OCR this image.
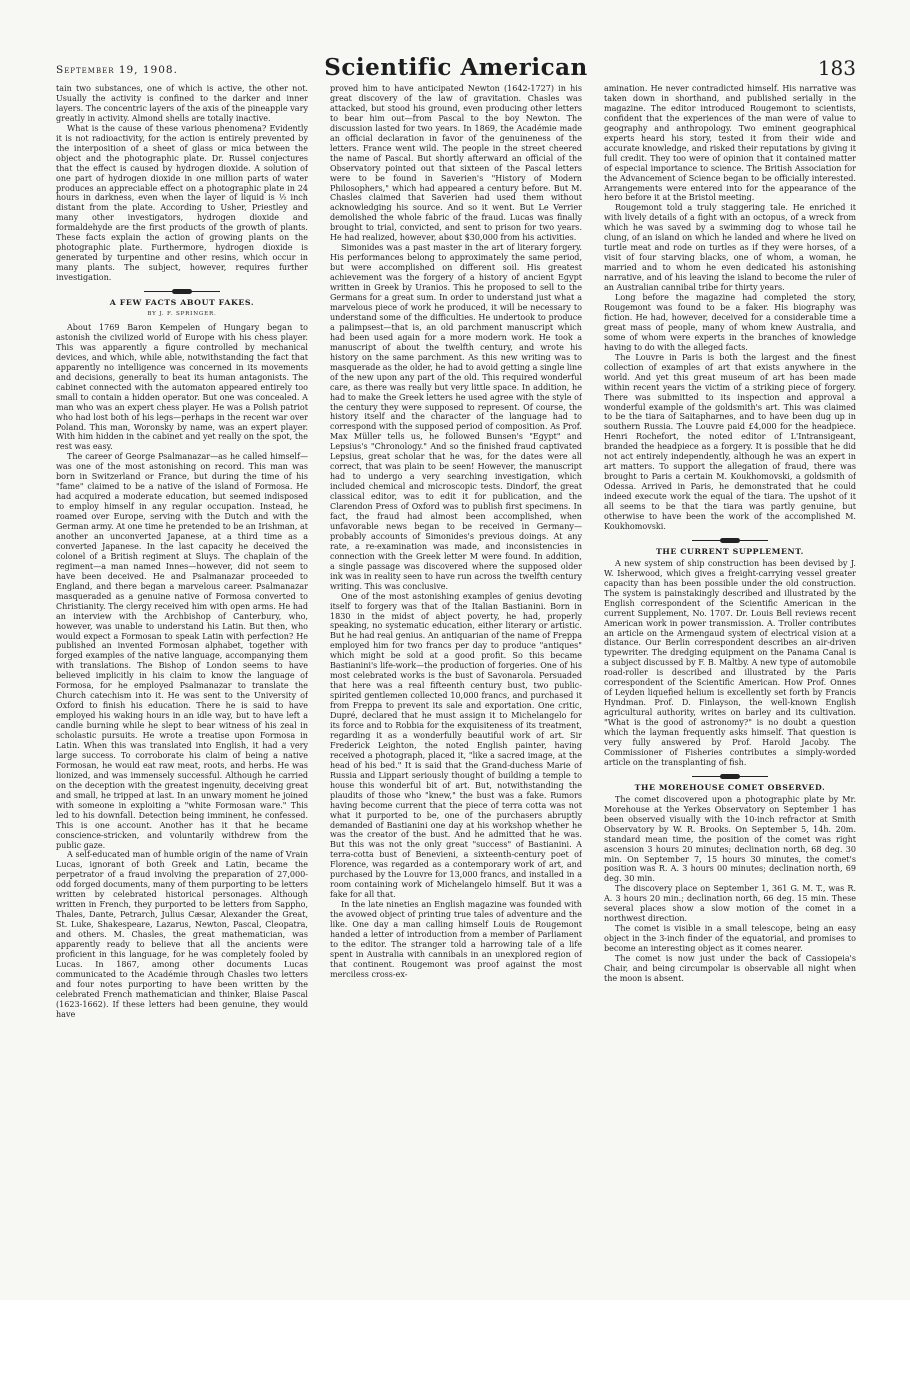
September 19, 1908.	Scientific American	183

tain two substances, one of which is active, the other not. Usually the activity is confined to the darker and inner layers. The concentric layers of the axis of the pineapple vary greatly in activity. Almond shells are totally inactive.

What is the cause of these various phenomena? Evidently it is not radioactivity, for the action is entirely prevented by the interposition of a sheet of glass or mica between the object and the photographic plate. Dr. Russel conjectures that the effect is caused by hydrogen dioxide. A solution of one part of hydrogen dioxide in one million parts of water produces an appreciable effect on a photographic plate in 24 hours in darkness, even when the layer of liquid is ½ inch distant from the plate. According to Usher, Priestley and many other investigators, hydrogen dioxide and formaldehyde are the first products of the growth of plants. These facts explain the action of growing plants on the photographic plate. Furthermore, hydrogen dioxide is generated by turpentine and other resins, which occur in many plants. The subject, however, requires further investigation.

A FEW FACTS ABOUT FAKES.
BY J. F. SPRINGER.

About 1769 Baron Kempelen of Hungary began to astonish the civilized world of Europe with his chess player. This was apparently a figure controlled by mechanical devices, and which, while able, notwithstanding the fact that apparently no intelligence was concerned in its movements and decisions, generally to beat its human antagonists. The cabinet connected with the automaton appeared entirely too small to contain a hidden operator. But one was concealed. A man who was an expert chess player. He was a Polish patriot who had lost both of his legs—perhaps in the recent war over Poland. This man, Woronsky by name, was an expert player. With him hidden in the cabinet and yet really on the spot, the rest was easy.

The career of George Psalmanazar—as he called himself—was one of the most astonishing on record. This man was born in Switzerland or France, but during the time of his "fame" claimed to be a native of the island of Formosa. He had acquired a moderate education, but seemed indisposed to employ himself in any regular occupation. Instead, he roamed over Europe, serving with the Dutch and with the German army. At one time he pretended to be an Irishman, at another an unconverted Japanese, at a third time as a converted Japanese. In the last capacity he deceived the colonel of a British regiment at Sluys. The chaplain of the regiment—a man named Innes—however, did not seem to have been deceived. He and Psalmanazar proceeded to England, and there began a marvelous career. Psalmanazar masqueraded as a genuine native of Formosa converted to Christianity. The clergy received him with open arms. He had an interview with the Archbishop of Canterbury, who, however, was unable to understand his Latin. But then, who would expect a Formosan to speak Latin with perfection? He published an invented Formosan alphabet, together with forged examples of the native language, accompanying them with translations. The Bishop of London seems to have believed implicitly in his claim to know the language of Formosa, for he employed Psalmanazar to translate the Church catechism into it. He was sent to the University of Oxford to finish his education. There he is said to have employed his waking hours in an idle way, but to have left a candle burning while he slept to bear witness of his zeal in scholastic pursuits. He wrote a treatise upon Formosa in Latin. When this was translated into English, it had a very large success. To corroborate his claim of being a native Formosan, he would eat raw meat, roots, and herbs. He was lionized, and was immensely successful. Although he carried on the deception with the greatest ingenuity, deceiving great and small, he tripped at last. In an unwary moment he joined with someone in exploiting a "white Formosan ware." This led to his downfall. Detection being imminent, he confessed. This is one account. Another has it that he became conscience-stricken, and voluntarily withdrew from the public gaze.

A self-educated man of humble origin of the name of Vrain Lucas, ignorant of both Greek and Latin, became the perpetrator of a fraud involving the preparation of 27,000-odd forged documents, many of them purporting to be letters written by celebrated historical personages. Although written in French, they purported to be letters from Sappho, Thales, Dante, Petrarch, Julius Cæsar, Alexander the Great, St. Luke, Shakespeare, Lazarus, Newton, Pascal, Cleopatra, and others. M. Chasles, the great mathematician, was apparently ready to believe that all the ancients were proficient in this language, for he was completely fooled by Lucas. In 1867, among other documents Lucas communicated to the Académie through Chasles two letters and four notes purporting to have been written by the celebrated French mathematician and thinker, Blaise Pascal (1623-1662). If these letters had been genuine, they would have

proved him to have anticipated Newton (1642-1727) in his great discovery of the law of gravitation. Chasles was attacked, but stood his ground, even producing other letters to bear him out—from Pascal to the boy Newton. The discussion lasted for two years. In 1869, the Académie made an official declaration in favor of the genuineness of the letters. France went wild. The people in the street cheered the name of Pascal. But shortly afterward an official of the Observatory pointed out that sixteen of the Pascal letters were to be found in Saverien's "History of Modern Philosophers," which had appeared a century before. But M. Chasles claimed that Saverien had used them without acknowledging his source. And so it went. But Le Verrier demolished the whole fabric of the fraud. Lucas was finally brought to trial, convicted, and sent to prison for two years. He had realized, however, about $30,000 from his activities.

Simonides was a past master in the art of literary forgery. His performances belong to approximately the same period, but were accomplished on different soil. His greatest achievement was the forgery of a history of ancient Egypt written in Greek by Uranios. This he proposed to sell to the Germans for a great sum. In order to understand just what a marvelous piece of work he produced, it will be necessary to understand some of the difficulties. He undertook to produce a palimpsest—that is, an old parchment manuscript which had been used again for a more modern work. He took a manuscript of about the twelfth century, and wrote his history on the same parchment. As this new writing was to masquerade as the older, he had to avoid getting a single line of the new upon any part of the old. This required wonderful care, as there was really but very little space. In addition, he had to make the Greek letters he used agree with the style of the century they were supposed to represent. Of course, the history itself and the character of the language had to correspond with the supposed period of composition. As Prof. Max Müller tells us, he followed Bunsen's "Egypt" and Lepsius's "Chronology." And so the finished fraud captivated Lepsius, great scholar that he was, for the dates were all correct, that was plain to be seen! However, the manuscript had to undergo a very searching investigation, which included chemical and microscopic tests. Dindorf, the great classical editor, was to edit it for publication, and the Clarendon Press of Oxford was to publish first specimens. In fact, the fraud had almost been accomplished, when unfavorable news began to be received in Germany—probably accounts of Simonides's previous doings. At any rate, a re-examination was made, and inconsistencies in connection with the Greek letter M were found. In addition, a single passage was discovered where the supposed older ink was in reality seen to have run across the twelfth century writing. This was conclusive.

One of the most astonishing examples of genius devoting itself to forgery was that of the Italian Bastianini. Born in 1830 in the midst of abject poverty, he had, properly speaking, no systematic education, either literary or artistic. But he had real genius. An antiquarian of the name of Freppa employed him for two francs per day to produce "antiques" which might be sold at a good profit. So this became Bastianini's life-work—the production of forgeries. One of his most celebrated works is the bust of Savonarola. Persuaded that here was a real fifteenth century bust, two public-spirited gentlemen collected 10,000 francs, and purchased it from Freppa to prevent its sale and exportation. One critic, Dupré, declared that he must assign it to Michelangelo for its force and to Robbia for the exquisiteness of its treatment, regarding it as a wonderfully beautiful work of art. Sir Frederick Leighton, the noted English painter, having received a photograph, placed it, "like a sacred image, at the head of his bed." It is said that the Grand-duchess Marie of Russia and Lippart seriously thought of building a temple to house this wonderful bit of art. But, notwithstanding the plaudits of those who "knew," the bust was a fake. Rumors having become current that the piece of terra cotta was not what it purported to be, one of the purchasers abruptly demanded of Bastianini one day at his workshop whether he was the creator of the bust. And he admitted that he was. But this was not the only great "success" of Bastianini. A terra-cotta bust of Benevieni, a sixteenth-century poet of Florence, was regarded as a contemporary work of art, and purchased by the Louvre for 13,000 francs, and installed in a room containing work of Michelangelo himself. But it was a fake for all that.

In the late nineties an English magazine was founded with the avowed object of printing true tales of adventure and the like. One day a man calling himself Louis de Rougemont handed a letter of introduction from a member of Parliament to the editor. The stranger told a harrowing tale of a life spent in Australia with cannibals in an unexplored region of that continent. Rougemont was proof against the most merciless cross-ex-

amination. He never contradicted himself. His narrative was taken down in shorthand, and published serially in the magazine. The editor introduced Rougemont to scientists, confident that the experiences of the man were of value to geography and anthropology. Two eminent geographical experts heard his story, tested it from their wide and accurate knowledge, and risked their reputations by giving it full credit. They too were of opinion that it contained matter of especial importance to science. The British Association for the Advancement of Science began to be officially interested. Arrangements were entered into for the appearance of the hero before it at the Bristol meeting.

Rougemont told a truly staggering tale. He enriched it with lively details of a fight with an octopus, of a wreck from which he was saved by a swimming dog to whose tail he clung, of an island on which he landed and where he lived on turtle meat and rode on turtles as if they were horses, of a visit of four starving blacks, one of whom, a woman, he married and to whom he even dedicated his astonishing narrative, and of his leaving the island to become the ruler of an Australian cannibal tribe for thirty years.

Long before the magazine had completed the story, Rougemont was found to be a faker. His biography was fiction. He had, however, deceived for a considerable time a great mass of people, many of whom knew Australia, and some of whom were experts in the branches of knowledge having to do with the alleged facts.

The Louvre in Paris is both the largest and the finest collection of examples of art that exists anywhere in the world. And yet this great museum of art has been made within recent years the victim of a striking piece of forgery. There was submitted to its inspection and approval a wonderful example of the goldsmith's art. This was claimed to be the tiara of Saitapharnes, and to have been dug up in southern Russia. The Louvre paid £4,000 for the headpiece. Henri Rochefort, the noted editor of L'Intransigeant, branded the headpiece as a forgery. It is possible that he did not act entirely independently, although he was an expert in art matters. To support the allegation of fraud, there was brought to Paris a certain M. Koukhomovski, a goldsmith of Odessa. Arrived in Paris, he demonstrated that he could indeed execute work the equal of the tiara. The upshot of it all seems to be that the tiara was partly genuine, but otherwise to have been the work of the accomplished M. Koukhomovski.

THE CURRENT SUPPLEMENT.

A new system of ship construction has been devised by J. W. Isherwood, which gives a freight-carrying vessel greater capacity than has been possible under the old construction. The system is painstakingly described and illustrated by the English correspondent of the Scientific American in the current Supplement, No. 1707. Dr. Louis Bell reviews recent American work in power transmission. A. Troller contributes an article on the Armengaud system of electrical vision at a distance. Our Berlin correspondent describes an air-driven typewriter. The dredging equipment on the Panama Canal is a subject discussed by F. B. Maltby. A new type of automobile road-roller is described and illustrated by the Paris correspondent of the Scientific American. How Prof. Onnes of Leyden liquefied helium is excellently set forth by Francis Hyndman. Prof. D. Finlayson, the well-known English agricultural authority, writes on barley and its cultivation. "What is the good of astronomy?" is no doubt a question which the layman frequently asks himself. That question is very fully answered by Prof. Harold Jacoby. The Commissioner of Fisheries contributes a simply-worded article on the transplanting of fish.

THE MOREHOUSE COMET OBSERVED.

The comet discovered upon a photographic plate by Mr. Morehouse at the Yerkes Observatory on September 1 has been observed visually with the 10-inch refractor at Smith Observatory by W. R. Brooks. On September 5, 14h. 20m. standard mean time, the position of the comet was right ascension 3 hours 20 minutes; declination north, 68 deg. 30 min. On September 7, 15 hours 30 minutes, the comet's position was R. A. 3 hours 00 minutes; declination north, 69 deg. 30 min.

The discovery place on September 1, 361 G. M. T., was R. A. 3 hours 20 min.; declination north, 66 deg. 15 min. These several places show a slow motion of the comet in a northwest direction.

The comet is visible in a small telescope, being an easy object in the 3-inch finder of the equatorial, and promises to become an interesting object as it comes nearer.

The comet is now just under the back of Cassiopeia's Chair, and being circumpolar is observable all night when the moon is absent.
